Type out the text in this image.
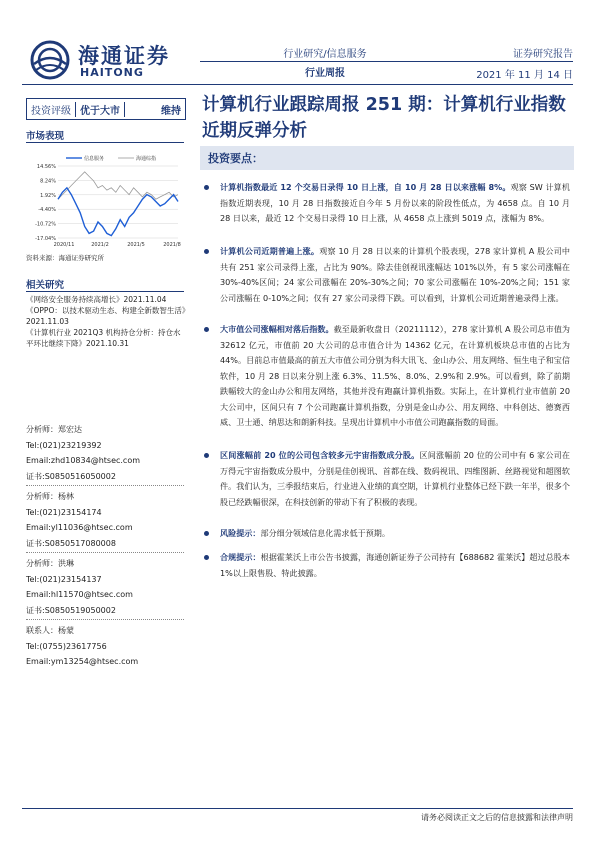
海通证券
HAITONG
行业研究/信息服务
行业周报
证券研究报告
2021 年 11 月 14 日
投资评级 优于大市	维持 计算机行业跟踪周报 251 期：计算机行业指数近期反弹分析
市场表现
14.56%
8.24%
1.92%
-4.40%
-10.72%
-17.04%
2020/11	2021/2	2021/5	2021/8
信息服务	海通综指
资料来源：海通证券研究所
相关研究
《网络安全服务持续高增长》2021.11.04
《OPPO：以技术驱动生态、构建全新数智生活》2021.11.03
《计算机行业 2021Q3 机构持仓分析：持仓水平环比继续下降》2021.10.31
分析师：郑宏达
Tel:(021)23219392
Email:zhd10834@htsec.com
证书:S0850516050002
分析师：杨林
Tel:(021)23154174
Email:yl11036@htsec.com
证书:S0850517080008
分析师：洪琳
Tel:(021)23154137
Email:hl11570@htsec.com
证书:S0850519050002
联系人：杨蒙
Tel:(0755)23617756
Email:ym13254@htsec.com
投资要点：
计算机指数最近 12 个交易日录得 10 日上涨，自 10 月 28 日以来涨幅 8%。观察 SW 计算机指数近期表现，10 月 28 日指数接近自今年 5 月份以来的阶段性低点，为 4658 点。自 10 月 28 日以来，最近 12 个交易日录得 10 日上涨，从 4658 点上涨到 5019 点，涨幅为 8%。
计算机公司近期普遍上涨。观察 10 月 28 日以来的计算机个股表现，278 家计算机 A 股公司中共有 251 家公司录得上涨，占比为 90%。除去佳创视讯涨幅达 101%以外，有 5 家公司涨幅在 30%-40%区间；24 家公司涨幅在 20%-30%之间；70 家公司涨幅在 10%-20%之间；151 家公司涨幅在 0-10%之间；仅有 27 家公司录得下跌。可以看到，计算机公司近期普遍录得上涨。
大市值公司涨幅相对落后指数。截至最新收盘日（20211112），278 家计算机 A 股公司总市值为 32612 亿元，市值前 20 大公司的总市值合计为 14362 亿元，在计算机板块总市值的占比为 44%。目前总市值最高的前五大市值公司分别为科大讯飞、金山办公、用友网络、恒生电子和宝信软件，10 月 28 日以来分别上涨 6.3%、11.5%、8.0%、2.9%和 2.9%。可以看到，除了前期跌幅较大的金山办公和用友网络，其他并没有跑赢计算机指数。实际上，在计算机行业市值前 20 大公司中，区间只有 7 个公司跑赢计算机指数，分别是金山办公、用友网络、中科创达、德赛西威、卫士通、纳思达和朗新科技。呈现出计算机中小市值公司跑赢指数的局面。
区间涨幅前 20 位的公司包含较多元宇宙指数成分股。区间涨幅前 20 位的公司中有 6 家公司在万得元宇宙指数成分股中，分别是佳创视讯、首都在线、数码视讯、四维图新、丝路视觉和超图软件。我们认为，三季报结束后，行业进入业绩的真空期，计算机行业整体已经下跌一年半，很多个股已经跌幅很深，在科技创新的带动下有了积极的表现。
风险提示：部分细分领域信息化需求低于预期。
合规提示：根据霍莱沃上市公告书披露，海通创新证券子公司持有【688682 霍莱沃】超过总股本 1%以上限售股、特此披露。
请务必阅读正文之后的信息披露和法律声明
